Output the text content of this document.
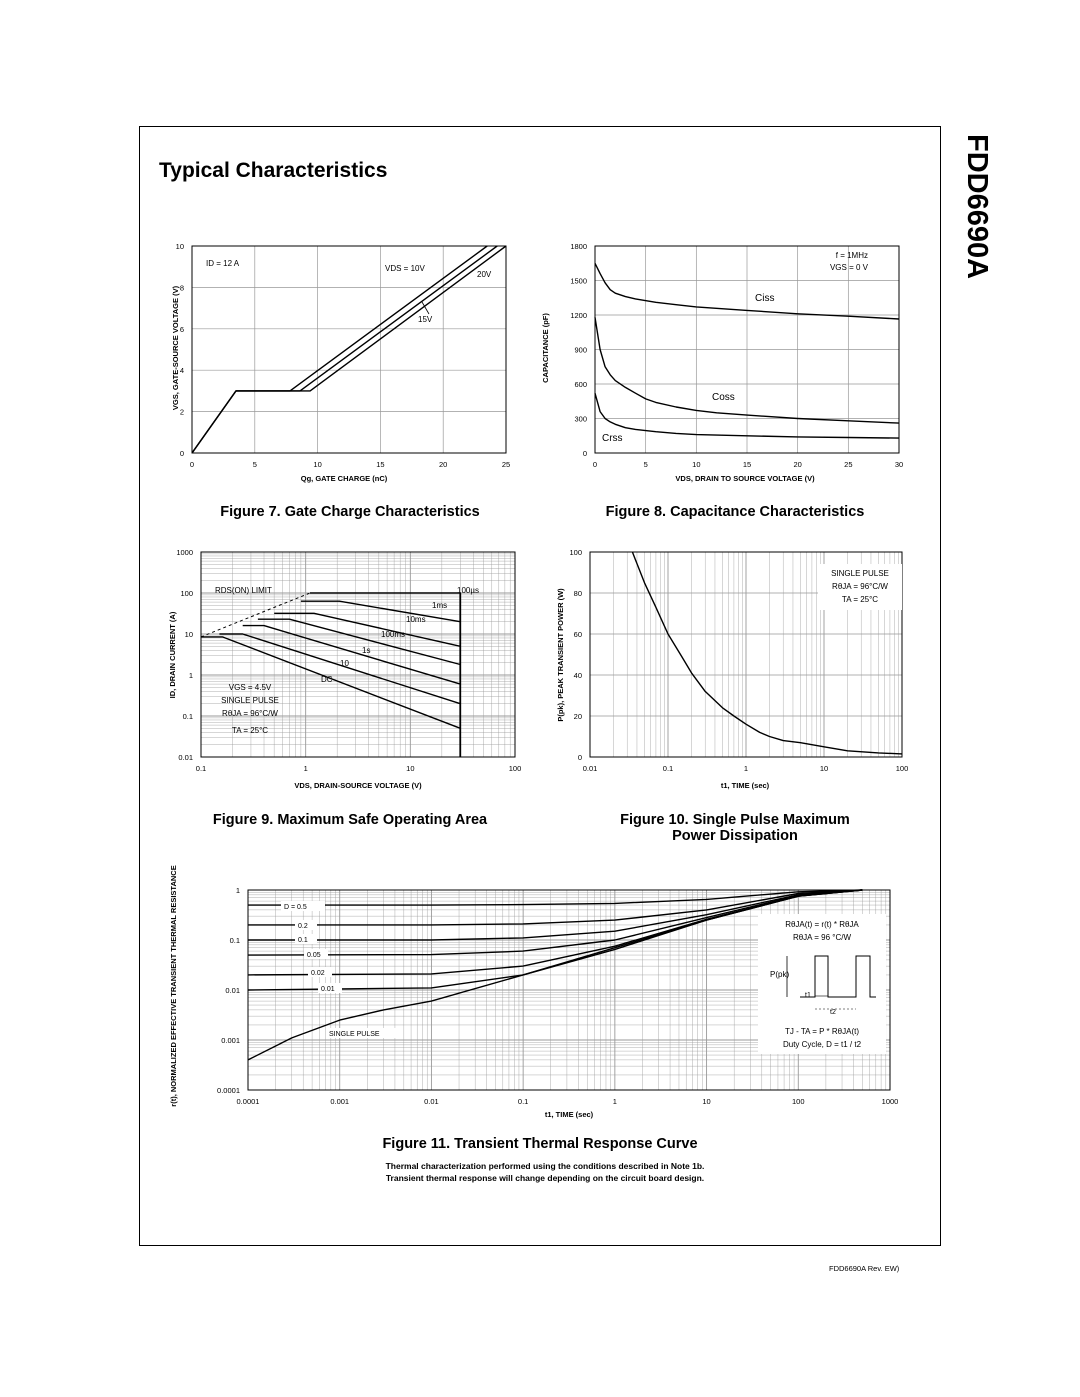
FDD6690A
Typical Characteristics
0	5	10	15	20	25
0
2
4
6
8
10
ID = 12 A
VDS = 10V
20V
15V
Qg, GATE CHARGE (nC)
VGS, GATE-SOURCE VOLTAGE (V)
Figure 7. Gate Charge Characteristics
0	5	10	15	20	25	30
0
300
600
900
1200
1500
1800
f = 1MHz
VGS = 0 V
Ciss
Coss
Crss
VDS, DRAIN TO SOURCE VOLTAGE (V)
CAPACITANCE (pF)
Figure 8. Capacitance Characteristics
0.1	1	10	100
0.01
0.1
1
10
100
1000
RDS(ON) LIMIT	100µs
1ms
10ms
100ms
1s
10
DC
VGS = 4.5V
SINGLE PULSE
RθJA = 96°C/W
TA = 25°C
VDS, DRAIN-SOURCE VOLTAGE (V)
ID, DRAIN CURRENT (A)
Figure 9. Maximum Safe Operating Area
0.01	0.1	1	10	100
0
20
40
60
80
100
SINGLE PULSE
RθJA = 96°C/W
TA = 25°C
t1, TIME (sec)
P(pk), PEAK TRANSIENT POWER (W)
Figure 10. Single Pulse Maximum Power Dissipation
0.0001	0.001	0.01	0.1	1	10	100	1000
0.0001
0.001
0.01
0.1
1
D = 0.5
0.2
0.1
0.05
0.02
0.01
SINGLE PULSE
RθJA(t) = r(t) * RθJA
RθJA = 96 °C/W
P(pk)
t1
t2
TJ - TA = P * RθJA(t)
Duty Cycle, D = t1 / t2
t1, TIME (sec)
r(t), NORMALIZED EFFECTIVE TRANSIENT THERMAL RESISTANCE
Figure 11. Transient Thermal Response Curve
Thermal characterization performed using the conditions described in Note 1b.
Transient thermal response will change depending on the circuit board design.
FDD6690A Rev. EW)
